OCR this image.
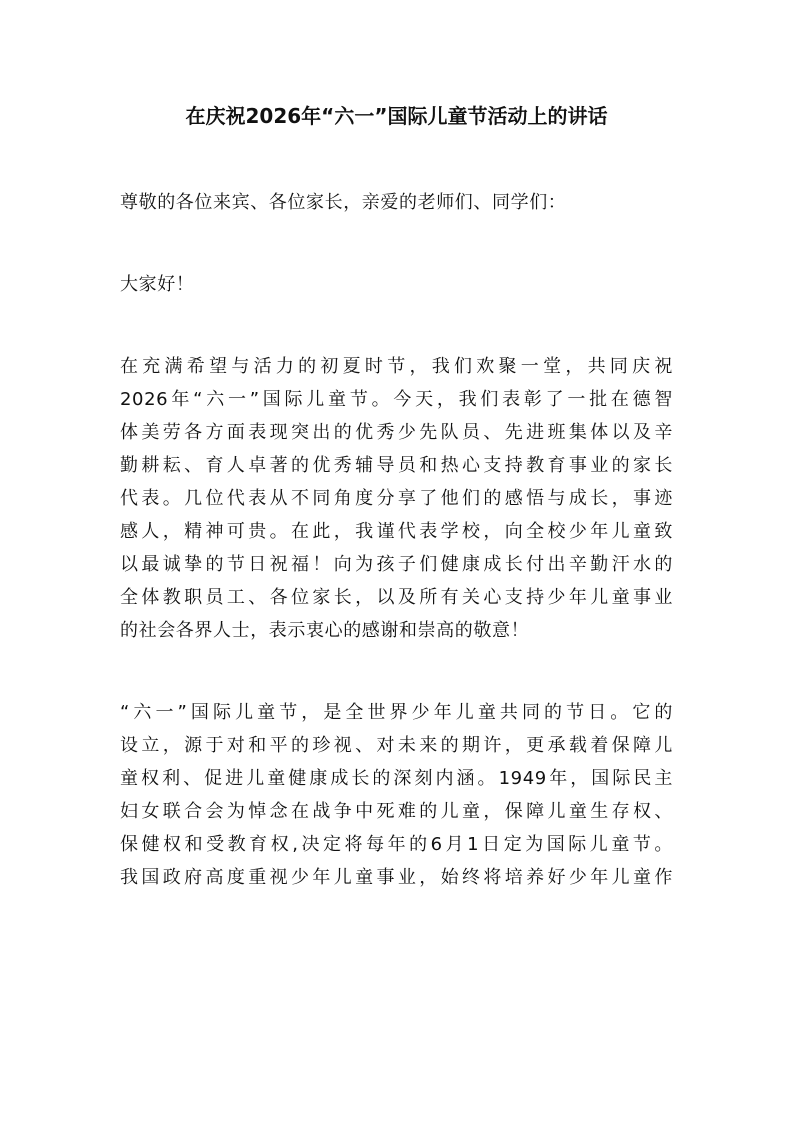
在庆祝2026年“六一”国际儿童节活动上的讲话

尊敬的各位来宾、各位家长，亲爱的老师们、同学们：

大家好！

在充满希望与活力的初夏时节，我们欢聚一堂，共同庆祝
2026年“六一”国际儿童节。今天，我们表彰了一批在德智
体美劳各方面表现突出的优秀少先队员、先进班集体以及辛
勤耕耘、育人卓著的优秀辅导员和热心支持教育事业的家长
代表。几位代表从不同角度分享了他们的感悟与成长，事迹
感人，精神可贵。在此，我谨代表学校，向全校少年儿童致
以最诚挚的节日祝福！向为孩子们健康成长付出辛勤汗水的
全体教职员工、各位家长，以及所有关心支持少年儿童事业
的社会各界人士，表示衷心的感谢和崇高的敬意！

“六一”国际儿童节，是全世界少年儿童共同的节日。它的
设立，源于对和平的珍视、对未来的期许，更承载着保障儿
童权利、促进儿童健康成长的深刻内涵。1949年，国际民主
妇女联合会为悼念在战争中死难的儿童，保障儿童生存权、
保健权和受教育权,决定将每年的6月1日定为国际儿童节。
我国政府高度重视少年儿童事业，始终将培养好少年儿童作
